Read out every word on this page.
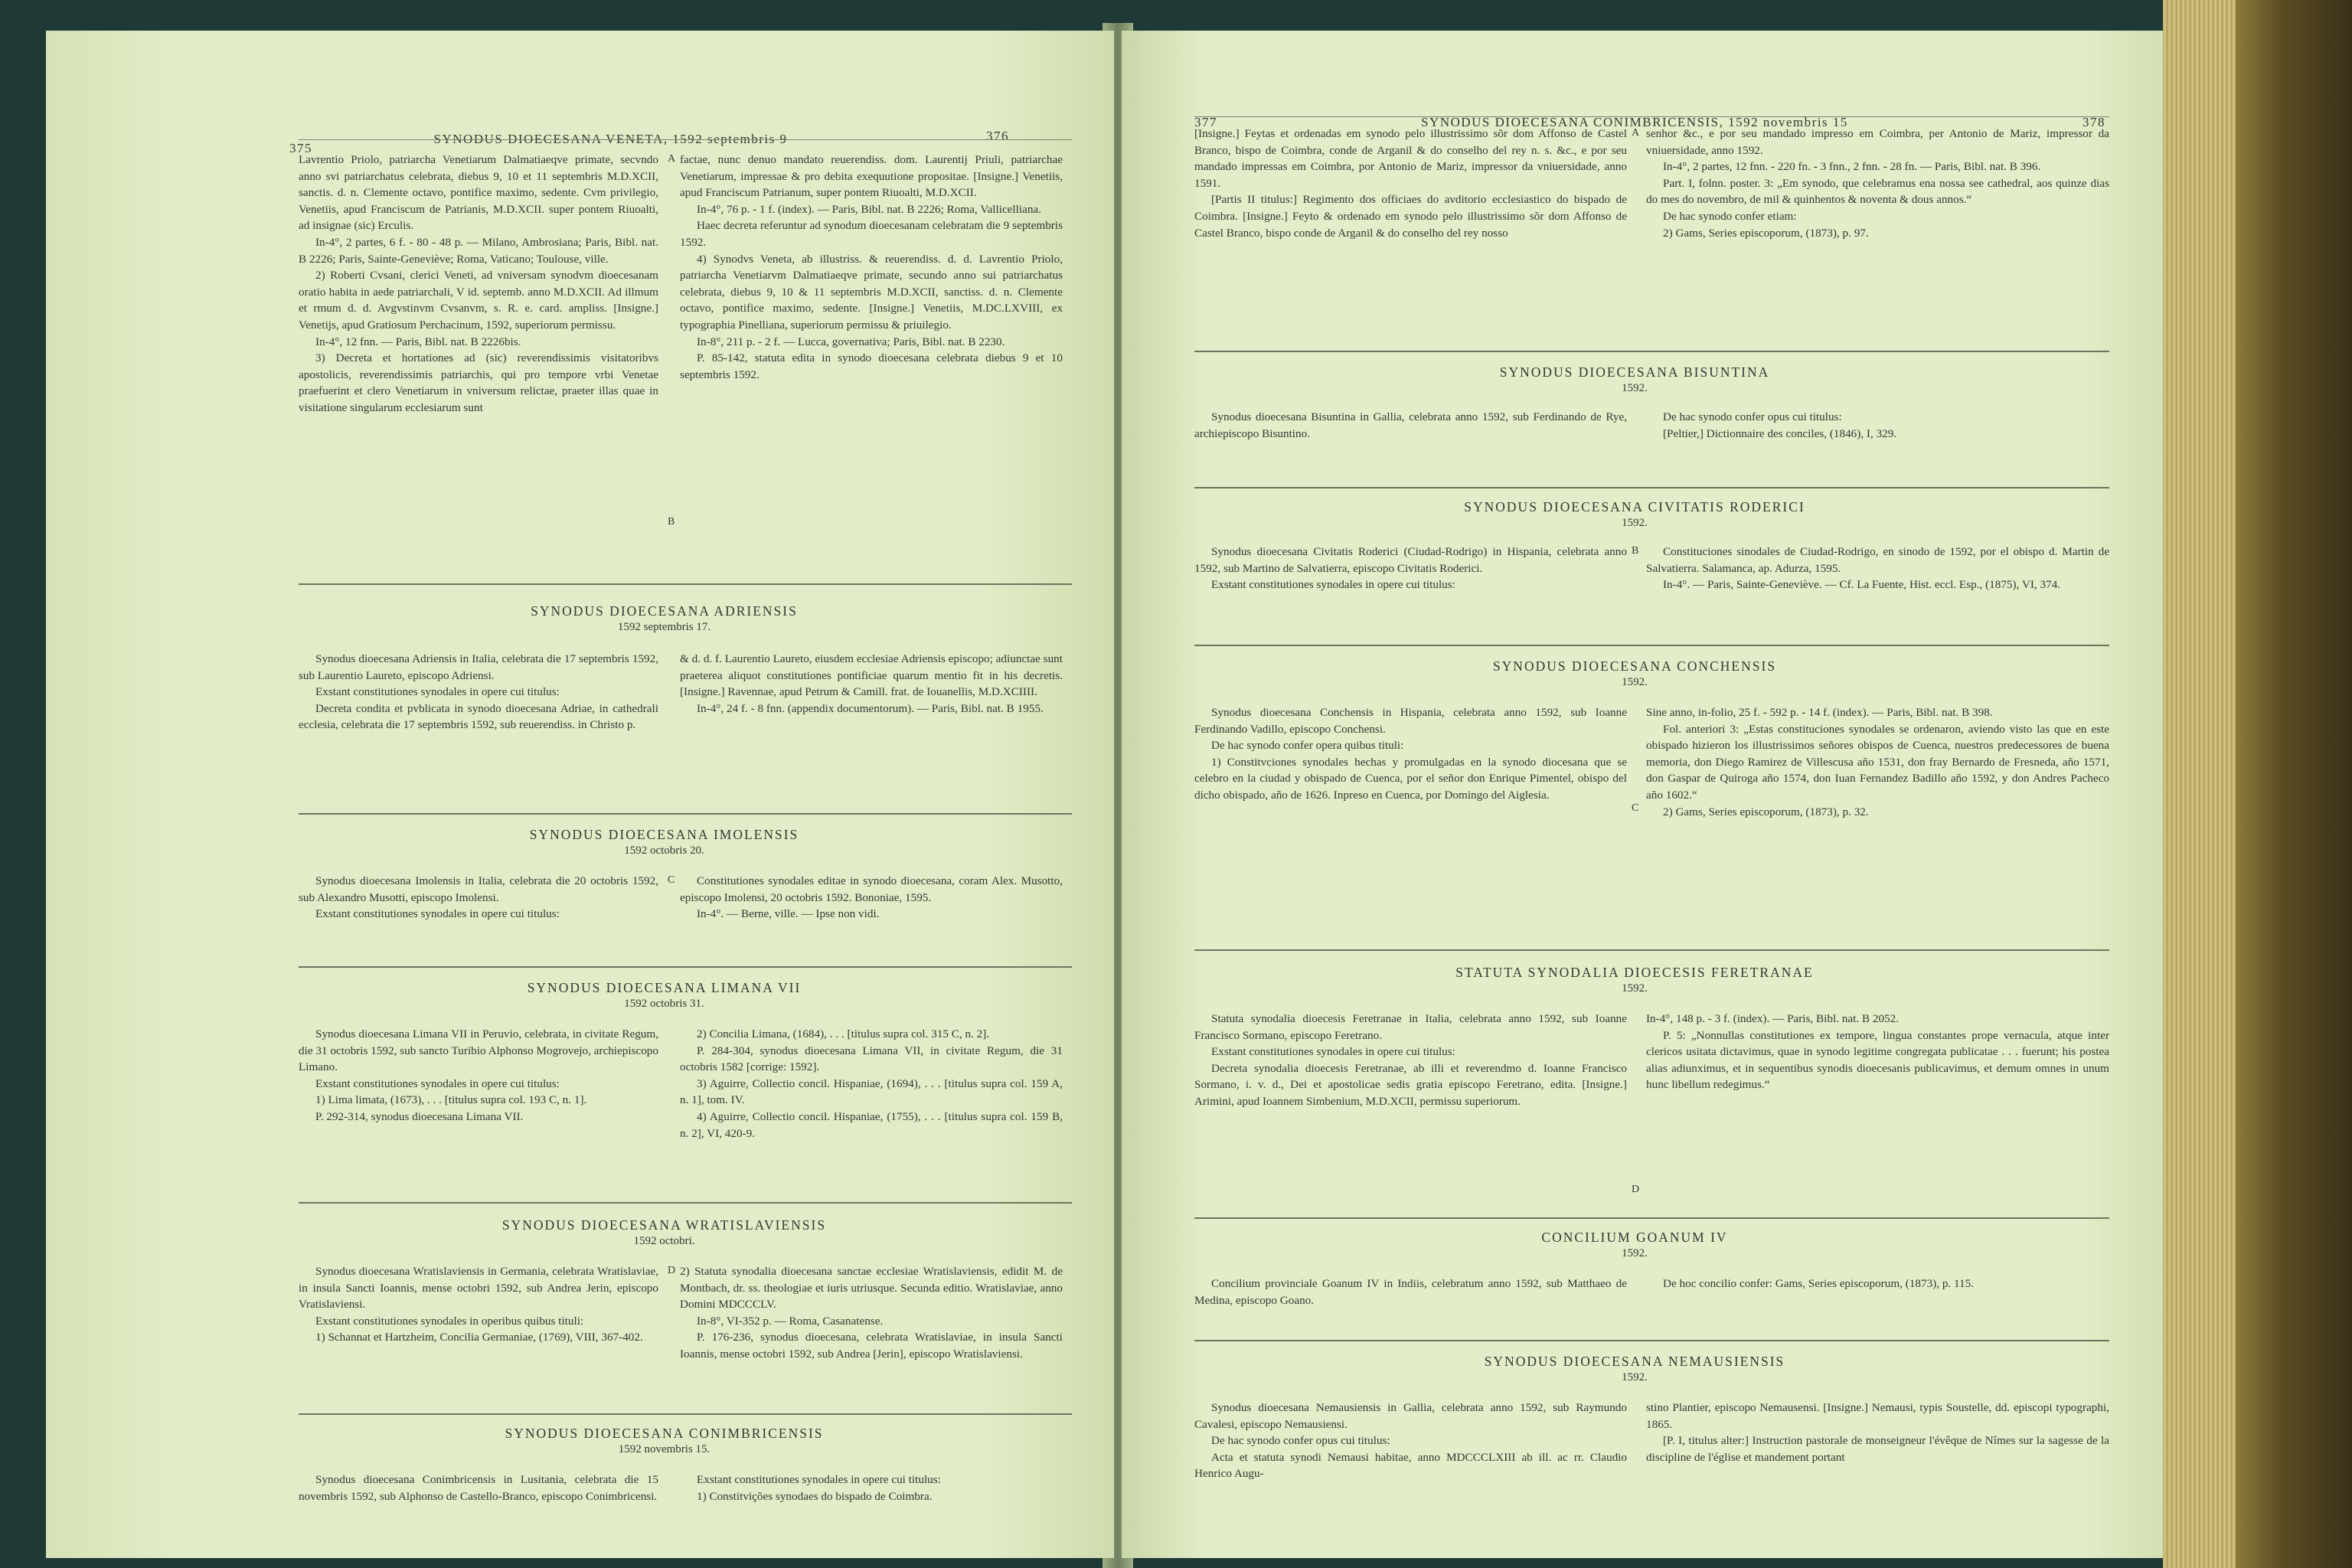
375
SYNODUS DIOECESANA VENETA, 1592 septembris 9	376

Lavrentio Priolo, patriarcha Venetiarum Dalmatiaeqve primate, secvndo anno svi patriarchatus celebrata, diebus 9, 10 et 11 septembris M.D.XCII, sanctis. d. n. Clemente octavo, pontifice maximo, sedente. Cvm privilegio, Venetiis, apud Franciscum de Patrianis, M.D.XCII. super pontem Riuoalti, ad insignae (sic) Erculis.

In-4°, 2 partes, 6 f. - 80 - 48 p. — Milano, Ambrosiana; Paris, Bibl. nat. B 2226; Paris, Sainte-Geneviève; Roma, Vaticano; Toulouse, ville.

2) Roberti Cvsani, clerici Veneti, ad vniversam synodvm dioecesanam oratio habita in aede patriarchali, V id. septemb. anno M.D.XCII. Ad illmum et rmum d. d. Avgvstinvm Cvsanvm, s. R. e. card. ampliss. [Insigne.] Venetijs, apud Gratiosum Perchacinum, 1592, superiorum permissu.

In-4°, 12 fnn. — Paris, Bibl. nat. B 2226bis.

3) Decreta et hortationes ad (sic) reverendissimis visitatoribvs apostolicis, reverendissimis patriarchis, qui pro tempore vrbi Venetae praefuerint et clero Venetiarum in vniversum relictae, praeter illas quae in visitatione singularum ecclesiarum sunt

A
B

factae, nunc denuo mandato reuerendiss. dom. Laurentij Priuli, patriarchae Venetiarum, impressae & pro debita exequutione propositae. [Insigne.] Venetiis, apud Franciscum Patrianum, super pontem Riuoalti, M.D.XCII.

In-4°, 76 p. - 1 f. (index). — Paris, Bibl. nat. B 2226; Roma, Vallicelliana.

Haec decreta referuntur ad synodum dioecesanam celebratam die 9 septembris 1592.

4) Synodvs Veneta, ab illustriss. & reuerendiss. d. d. Lavrentio Priolo, patriarcha Venetiarvm Dalmatiaeqve primate, secundo anno sui patriarchatus celebrata, diebus 9, 10 & 11 septembris M.D.XCII, sanctiss. d. n. Clemente octavo, pontifice maximo, sedente. [Insigne.] Venetiis, M.DC.LXVIII, ex typographia Pinelliana, superiorum permissu & priuilegio.

In-8°, 211 p. - 2 f. — Lucca, governativa; Paris, Bibl. nat. B 2230.

P. 85-142, statuta edita in synodo dioecesana celebrata diebus 9 et 10 septembris 1592.

SYNODUS DIOECESANA ADRIENSIS
1592 septembris 17.

Synodus dioecesana Adriensis in Italia, celebrata die 17 septembris 1592, sub Laurentio Laureto, episcopo Adriensi.

Exstant constitutiones synodales in opere cui titulus:

Decreta condita et pvblicata in synodo dioecesana Adriae, in cathedrali ecclesia, celebrata die 17 septembris 1592, sub reuerendiss. in Christo p.

& d. d. f. Laurentio Laureto, eiusdem ecclesiae Adriensis episcopo; adiunctae sunt praeterea aliquot constitutiones pontificiae quarum mentio fit in his decretis. [Insigne.] Ravennae, apud Petrum & Camill. frat. de Iouanellis, M.D.XCIIII.

In-4°, 24 f. - 8 fnn. (appendix documentorum). — Paris, Bibl. nat. B 1955.

SYNODUS DIOECESANA IMOLENSIS
1592 octobris 20.
C

Synodus dioecesana Imolensis in Italia, celebrata die 20 octobris 1592, sub Alexandro Musotti, episcopo Imolensi.

Exstant constitutiones synodales in opere cui titulus:

Constitutiones synodales editae in synodo dioecesana, coram Alex. Musotto, episcopo Imolensi, 20 octobris 1592. Bononiae, 1595.

In-4°. — Berne, ville. — Ipse non vidi.

SYNODUS DIOECESANA LIMANA VII
1592 octobris 31.

Synodus dioecesana Limana VII in Peruvio, celebrata, in civitate Regum, die 31 octobris 1592, sub sancto Turibio Alphonso Mogrovejo, archiepiscopo Limano.

Exstant constitutiones synodales in opere cui titulus:

1) Lima limata, (1673), . . . [titulus supra col. 193 C, n. 1].

P. 292-314, synodus dioecesana Limana VII.

2) Concilia Limana, (1684), . . . [titulus supra col. 315 C, n. 2].

P. 284-304, synodus dioecesana Limana VII, in civitate Regum, die 31 octobris 1582 [corrige: 1592].

3) Aguirre, Collectio concil. Hispaniae, (1694), . . . [titulus supra col. 159 A, n. 1], tom. IV.

4) Aguirre, Collectio concil. Hispaniae, (1755), . . . [titulus supra col. 159 B, n. 2], VI, 420-9.

SYNODUS DIOECESANA WRATISLAVIENSIS
1592 octobri.
D

Synodus dioecesana Wratislaviensis in Germania, celebrata Wratislaviae, in insula Sancti Ioannis, mense octobri 1592, sub Andrea Jerin, episcopo Vratislaviensi.

Exstant constitutiones synodales in operibus quibus tituli:

1) Schannat et Hartzheim, Concilia Germaniae, (1769), VIII, 367-402.

2) Statuta synodalia dioecesana sanctae ecclesiae Wratislaviensis, edidit M. de Montbach, dr. ss. theologiae et iuris utriusque. Secunda editio. Wratislaviae, anno Domini MDCCCLV.

In-8°, VI-352 p. — Roma, Casanatense.

P. 176-236, synodus dioecesana, celebrata Wratislaviae, in insula Sancti Ioannis, mense octobri 1592, sub Andrea [Jerin], episcopo Wratislaviensi.

SYNODUS DIOECESANA CONIMBRICENSIS
1592 novembris 15.

Synodus dioecesana Conimbricensis in Lusitania, celebrata die 15 novembris 1592, sub Alphonso de Castello-Branco, episcopo Conimbricensi.

Exstant constitutiones synodales in opere cui titulus:

1) Constitvições synodaes do bispado de Coimbra.

377	SYNODUS DIOECESANA CONIMBRICENSIS, 1592 novembris 15	378

[Insigne.] Feytas et ordenadas em synodo pelo illustrissimo sõr dom Affonso de Castel Branco, bispo de Coimbra, conde de Arganil & do conselho del rey n. s. &c., e por seu mandado impressas em Coimbra, por Antonio de Mariz, impressor da vniuersidade, anno 1591.

[Partis II titulus:] Regimento dos officiaes do avditorio ecclesiastico do bispado de Coimbra. [Insigne.] Feyto & ordenado em synodo pelo illustrissimo sõr dom Affonso de Castel Branco, bispo conde de Arganil & do conselho del rey nosso

A senhor &c., e por seu mandado impresso em Coimbra, per Antonio de Mariz, impressor da vniuersidade, anno 1592.

In-4°, 2 partes, 12 fnn. - 220 fn. - 3 fnn., 2 fnn. - 28 fn. — Paris, Bibl. nat. B 396.

Part. I, folnn. poster. 3: „Em synodo, que celebramus ena nossa see cathedral, aos quinze dias do mes do novembro, de mil & quinhentos & noventa & dous annos.“

De hac synodo confer etiam:

2) Gams, Series episcoporum, (1873), p. 97.

SYNODUS DIOECESANA BISUNTINA
1592.

Synodus dioecesana Bisuntina in Gallia, celebrata anno 1592, sub Ferdinando de Rye, archiepiscopo Bisuntino.

De hac synodo confer opus cui titulus:

[Peltier,] Dictionnaire des conciles, (1846), I, 329.

SYNODUS DIOECESANA CIVITATIS RODERICI
1592.
B

Synodus dioecesana Civitatis Roderici (Ciudad-Rodrigo) in Hispania, celebrata anno 1592, sub Martino de Salvatierra, episcopo Civitatis Roderici.

Exstant constitutiones synodales in opere cui titulus:

Constituciones sinodales de Ciudad-Rodrigo, en sinodo de 1592, por el obispo d. Martin de Salvatierra. Salamanca, ap. Adurza, 1595.

In-4°. — Paris, Sainte-Geneviève. — Cf. La Fuente, Hist. eccl. Esp., (1875), VI, 374.

SYNODUS DIOECESANA CONCHENSIS
1592.
C

Synodus dioecesana Conchensis in Hispania, celebrata anno 1592, sub Ioanne Ferdinando Vadillo, episcopo Conchensi.

De hac synodo confer opera quibus tituli:

1) Constitvciones synodales hechas y promulgadas en la synodo diocesana que se celebro en la ciudad y obispado de Cuenca, por el señor don Enrique Pimentel, obispo del dicho obispado, año de 1626. Inpreso en Cuenca, por Domingo del Aiglesia.

Sine anno, in-folio, 25 f. - 592 p. - 14 f. (index). — Paris, Bibl. nat. B 398.

Fol. anteriori 3: „Estas constituciones synodales se ordenaron, aviendo visto las que en este obispado hizieron los illustrissimos señores obispos de Cuenca, nuestros predecessores de buena memoria, don Diego Ramirez de Villescusa año 1531, don fray Bernardo de Fresneda, año 1571, don Gaspar de Quiroga año 1574, don Iuan Fernandez Badillo año 1592, y don Andres Pacheco año 1602.“

2) Gams, Series episcoporum, (1873), p. 32.

STATUTA SYNODALIA DIOECESIS FERETRANAE
1592.
D

Statuta synodalia dioecesis Feretranae in Italia, celebrata anno 1592, sub Ioanne Francisco Sormano, episcopo Feretrano.

Exstant constitutiones synodales in opere cui titulus:

Decreta synodalia dioecesis Feretranae, ab illi et reverendmo d. Ioanne Francisco Sormano, i. v. d., Dei et apostolicae sedis gratia episcopo Feretrano, edita. [Insigne.] Arimini, apud Ioannem Simbenium, M.D.XCII, permissu superiorum.

In-4°, 148 p. - 3 f. (index). — Paris, Bibl. nat. B 2052.

P. 5: „Nonnullas constitutiones ex tempore, lingua constantes prope vernacula, atque inter clericos usitata dictavimus, quae in synodo legitime congregata publicatae . . . fuerunt; his postea alias adiunximus, et in sequentibus synodis dioecesanis publicavimus, et demum omnes in unum hunc libellum redegimus.“

CONCILIUM GOANUM IV
1592.

Concilium provinciale Goanum IV in Indiis, celebratum anno 1592, sub Matthaeo de Medina, episcopo Goano.

De hoc concilio confer: Gams, Series episcoporum, (1873), p. 115.

SYNODUS DIOECESANA NEMAUSIENSIS
1592.

Synodus dioecesana Nemausiensis in Gallia, celebrata anno 1592, sub Raymundo Cavalesi, episcopo Nemausiensi.

De hac synodo confer opus cui titulus:

Acta et statuta synodi Nemausi habitae, anno MDCCCLXIII ab ill. ac rr. Claudio Henrico Augu-

stino Plantier, episcopo Nemausensi. [Insigne.] Nemausi, typis Soustelle, dd. episcopi typographi, 1865.

[P. I, titulus alter:] Instruction pastorale de monseigneur l'évêque de Nîmes sur la sagesse de la discipline de l'église et mandement portant
